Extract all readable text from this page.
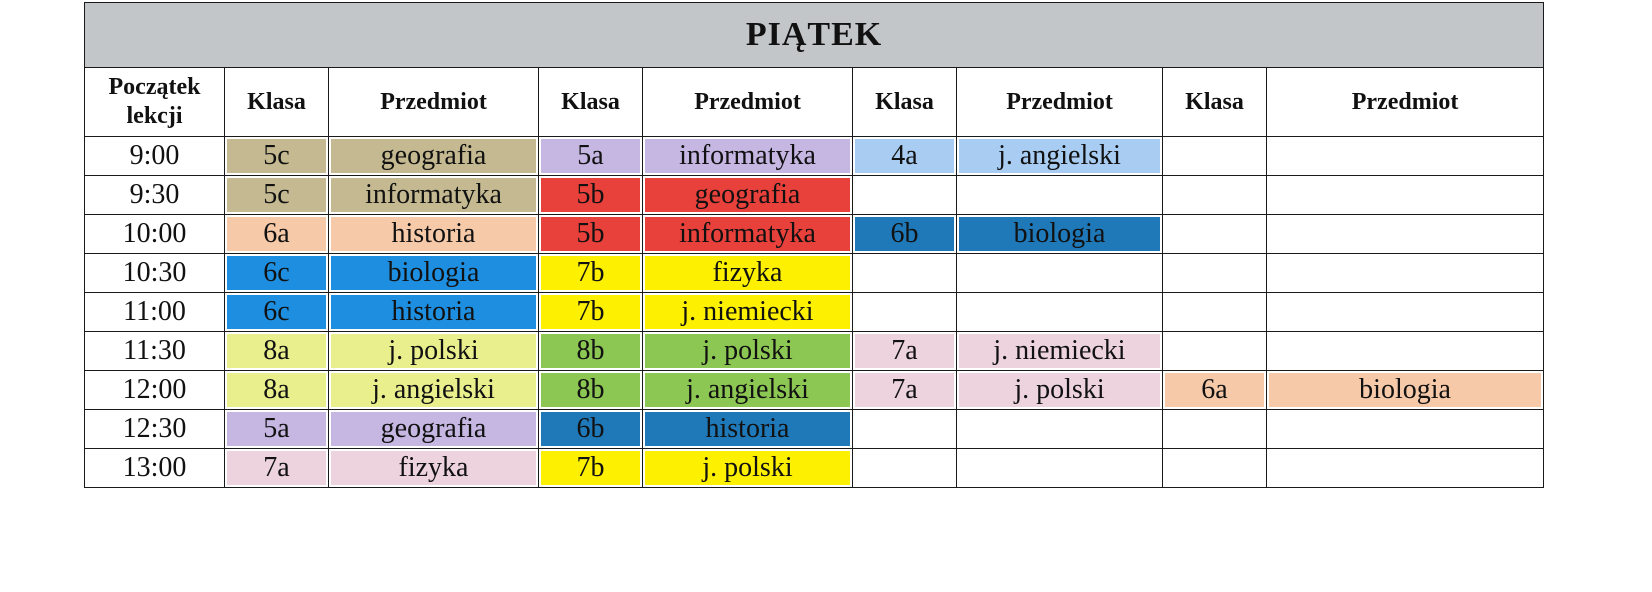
PIĄTEK								
Początek lekcji	Klasa	Przedmiot	Klasa	Przedmiot	Klasa	Przedmiot	Klasa	Przedmiot
9:00	5c	geografia	5a	informatyka	4a	j. angielski		

9:30	5c	informatyka	5b	geografia				

10:00	6a	historia	5b	informatyka	6b	biologia		

10:30	6c	biologia	7b	fizyka				

11:00	6c	historia	7b	j. niemiecki				

11:30	8a	j. polski	8b	j. polski	7a	j. niemiecki		

12:00	8a	j. angielski	8b	j. angielski	7a	j. polski	6a	biologia

12:30	5a	geografia	6b	historia				

13:00	7a	fizyka	7b	j. polski				
